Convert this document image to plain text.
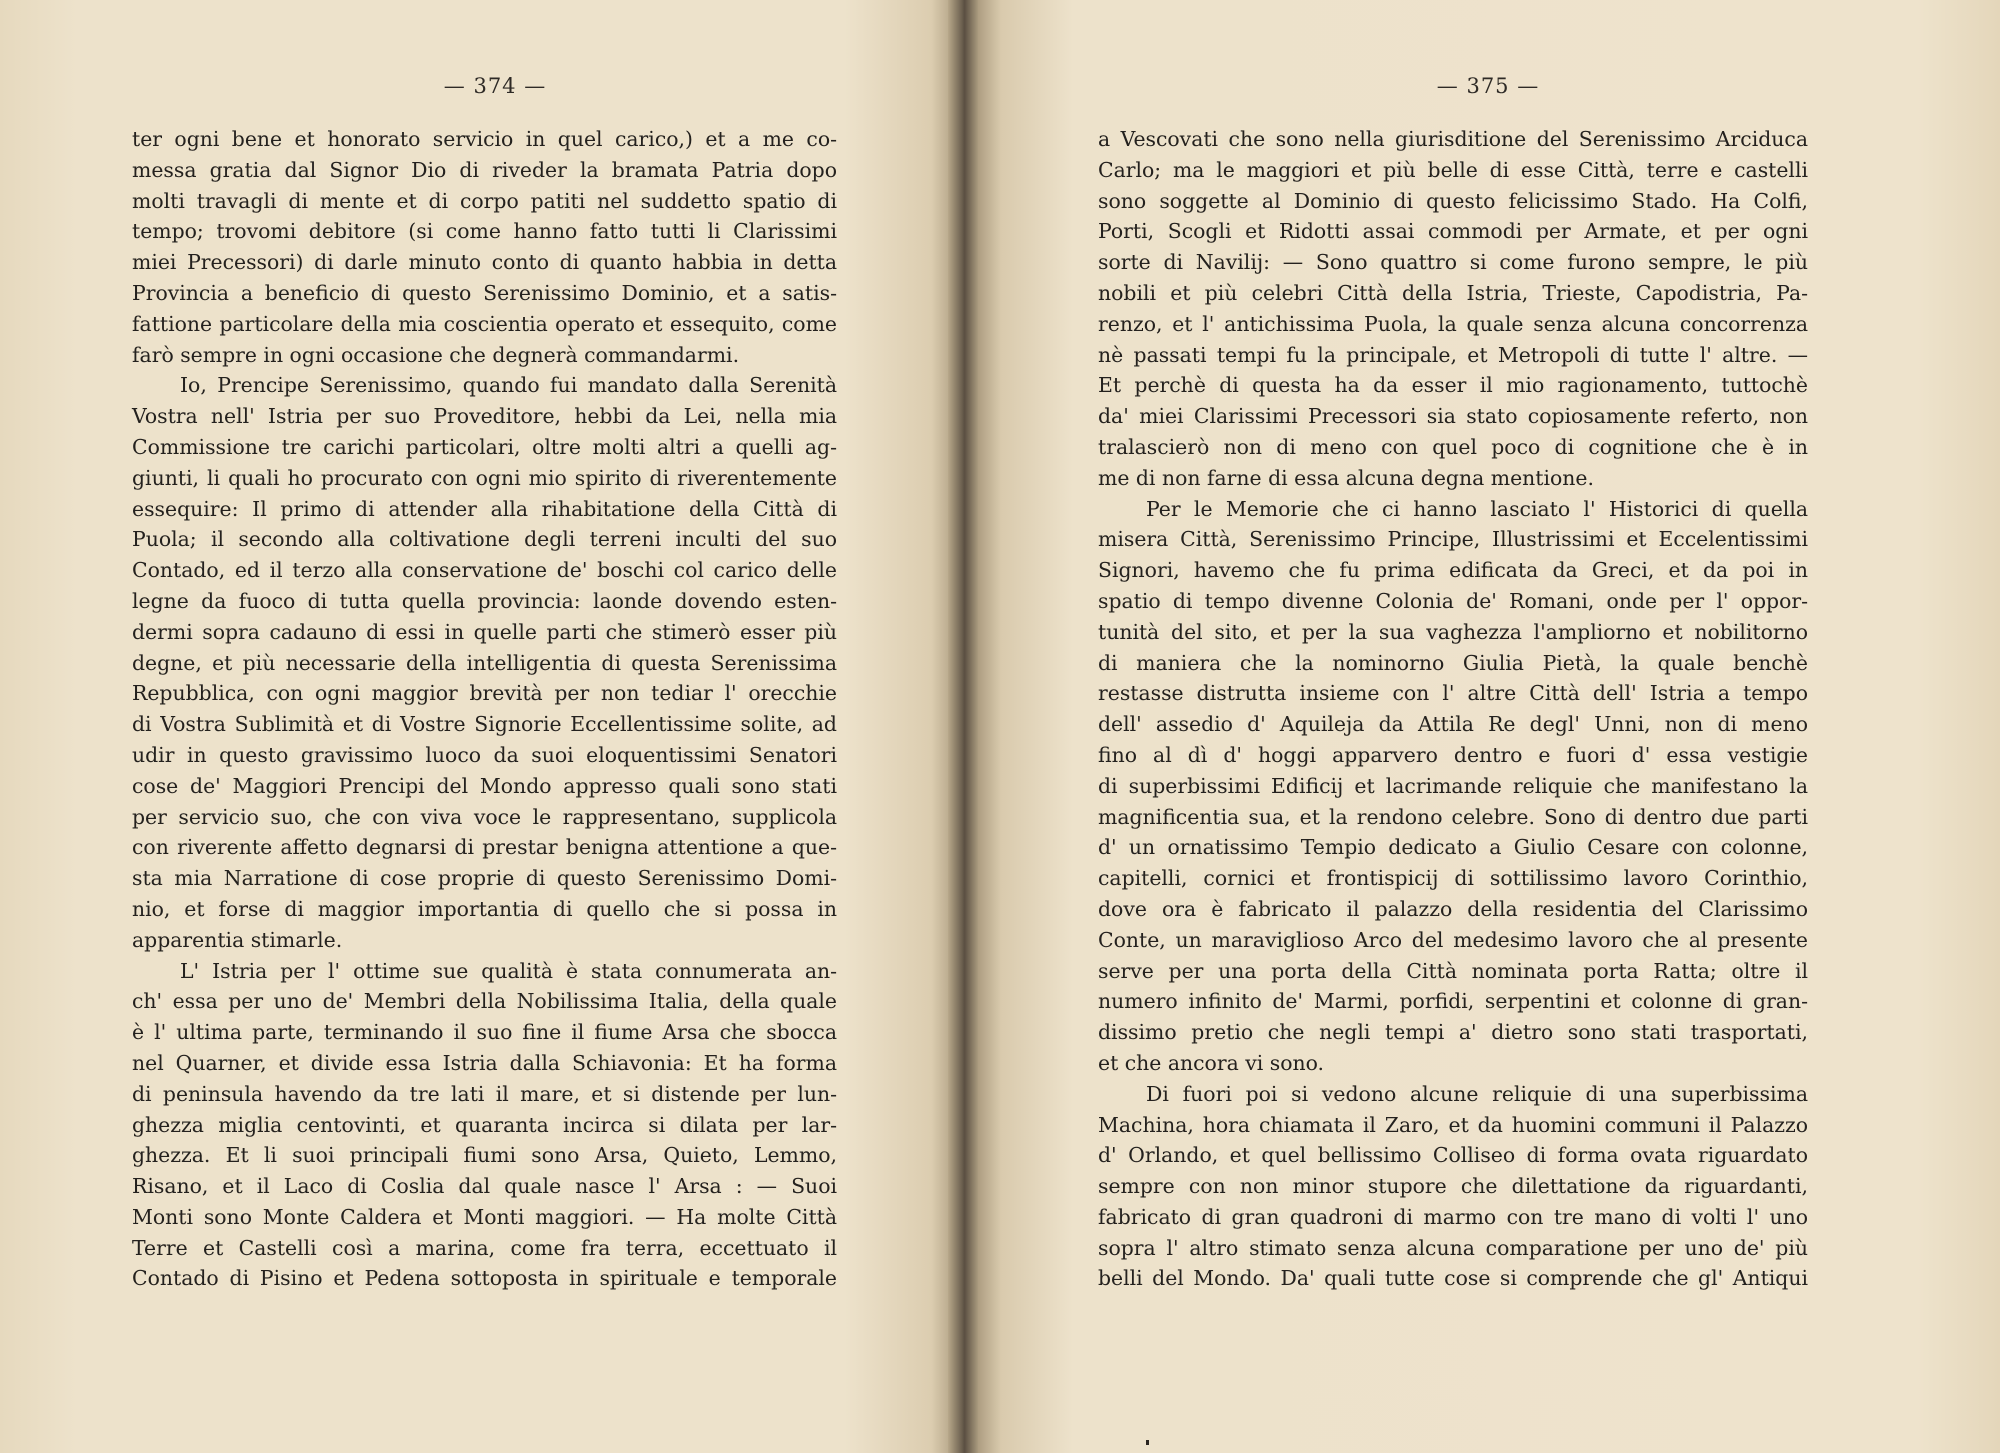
— 374 —
ter ogni bene et honorato servicio in quel carico,) et a me co-
messa gratia dal Signor Dio di riveder la bramata Patria dopo
molti travagli di mente et di corpo patiti nel suddetto spatio di
tempo; trovomi debitore (si come hanno fatto tutti li Clarissimi
miei Precessori) di darle minuto conto di quanto habbia in detta
Provincia a beneficio di questo Serenissimo Dominio, et a satis-
fattione particolare della mia coscientia operato et essequito, come
farò sempre in ogni occasione che degnerà commandarmi.
Io, Prencipe Serenissimo, quando fui mandato dalla Serenità
Vostra nell' Istria per suo Proveditore, hebbi da Lei, nella mia
Commissione tre carichi particolari, oltre molti altri a quelli ag-
giunti, li quali ho procurato con ogni mio spirito di riverentemente
essequire: Il primo di attender alla rihabitatione della Città di
Puola; il secondo alla coltivatione degli terreni inculti del suo
Contado, ed il terzo alla conservatione de' boschi col carico delle
legne da fuoco di tutta quella provincia: laonde dovendo esten-
dermi sopra cadauno di essi in quelle parti che stimerò esser più
degne, et più necessarie della intelligentia di questa Serenissima
Repubblica, con ogni maggior brevità per non tediar l' orecchie
di Vostra Sublimità et di Vostre Signorie Eccellentissime solite, ad
udir in questo gravissimo luoco da suoi eloquentissimi Senatori
cose de' Maggiori Prencipi del Mondo appresso quali sono stati
per servicio suo, che con viva voce le rappresentano, supplicola
con riverente affetto degnarsi di prestar benigna attentione a que-
sta mia Narratione di cose proprie di questo Serenissimo Domi-
nio, et forse di maggior importantia di quello che si possa in
apparentia stimarle.
L' Istria per l' ottime sue qualità è stata connumerata an-
ch' essa per uno de' Membri della Nobilissima Italia, della quale
è l' ultima parte, terminando il suo fine il fiume Arsa che sbocca
nel Quarner, et divide essa Istria dalla Schiavonia: Et ha forma
di peninsula havendo da tre lati il mare, et si distende per lun-
ghezza miglia centovinti, et quaranta incirca si dilata per lar-
ghezza. Et li suoi principali fiumi sono Arsa, Quieto, Lemmo,
Risano, et il Laco di Coslia dal quale nasce l' Arsa : — Suoi
Monti sono Monte Caldera et Monti maggiori. — Ha molte Città
Terre et Castelli così a marina, come fra terra, eccettuato il
Contado di Pisino et Pedena sottoposta in spirituale e temporale
— 375 —
a Vescovati che sono nella giurisditione del Serenissimo Arciduca
Carlo; ma le maggiori et più belle di esse Città, terre e castelli
sono soggette al Dominio di questo felicissimo Stado. Ha Colfi,
Porti, Scogli et Ridotti assai commodi per Armate, et per ogni
sorte di Navilij: — Sono quattro si come furono sempre, le più
nobili et più celebri Città della Istria, Trieste, Capodistria, Pa-
renzo, et l' antichissima Puola, la quale senza alcuna concorrenza
nè passati tempi fu la principale, et Metropoli di tutte l' altre. —
Et perchè di questa ha da esser il mio ragionamento, tuttochè
da' miei Clarissimi Precessori sia stato copiosamente referto, non
tralascierò non di meno con quel poco di cognitione che è in
me di non farne di essa alcuna degna mentione.
Per le Memorie che ci hanno lasciato l' Historici di quella
misera Città, Serenissimo Principe, Illustrissimi et Eccelentissimi
Signori, havemo che fu prima edificata da Greci, et da poi in
spatio di tempo divenne Colonia de' Romani, onde per l' oppor-
tunità del sito, et per la sua vaghezza l'ampliorno et nobilitorno
di maniera che la nominorno Giulia Pietà, la quale benchè
restasse distrutta insieme con l' altre Città dell' Istria a tempo
dell' assedio d' Aquileja da Attila Re degl' Unni, non di meno
fino al dì d' hoggi apparvero dentro e fuori d' essa vestigie
di superbissimi Edificij et lacrimande reliquie che manifestano la
magnificentia sua, et la rendono celebre. Sono di dentro due parti
d' un ornatissimo Tempio dedicato a Giulio Cesare con colonne,
capitelli, cornici et frontispicij di sottilissimo lavoro Corinthio,
dove ora è fabricato il palazzo della residentia del Clarissimo
Conte, un maraviglioso Arco del medesimo lavoro che al presente
serve per una porta della Città nominata porta Ratta; oltre il
numero infinito de' Marmi, porfidi, serpentini et colonne di gran-
dissimo pretio che negli tempi a' dietro sono stati trasportati,
et che ancora vi sono.
Di fuori poi si vedono alcune reliquie di una superbissima
Machina, hora chiamata il Zaro, et da huomini communi il Palazzo
d' Orlando, et quel bellissimo Colliseo di forma ovata riguardato
sempre con non minor stupore che dilettatione da riguardanti,
fabricato di gran quadroni di marmo con tre mano di volti l' uno
sopra l' altro stimato senza alcuna comparatione per uno de' più
belli del Mondo. Da' quali tutte cose si comprende che gl' Antiqui
